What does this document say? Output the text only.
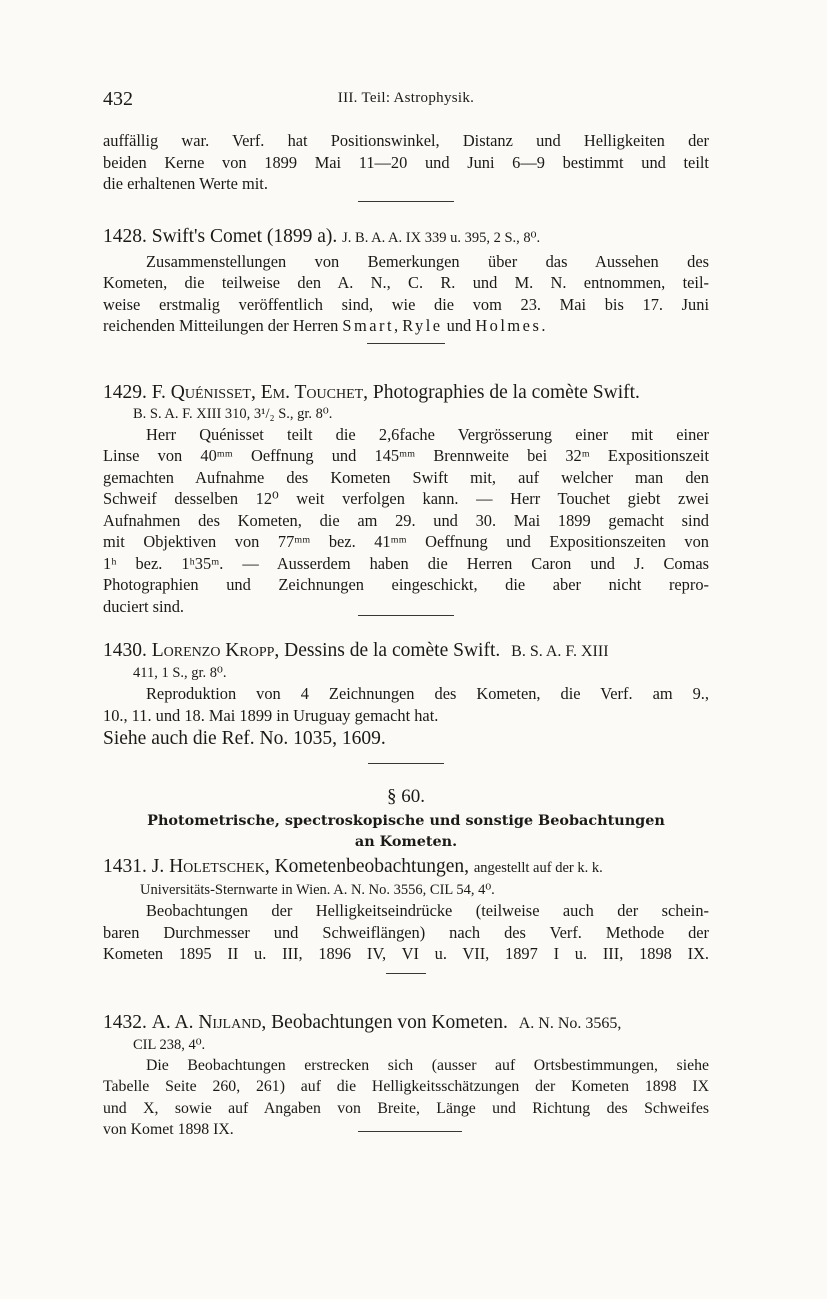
432	III. Teil: Astrophysik.
auffällig war. Verf. hat Positionswinkel, Distanz und Helligkeiten der
beiden Kerne von 1899 Mai 11—20 und Juni 6—9 bestimmt und teilt
die erhaltenen Werte mit.
1428. Swift's Comet (1899 a). J. B. A. A. IX 339 u. 395, 2 S., 8⁰.
Zusammenstellungen von Bemerkungen über das Aussehen des
Kometen, die teilweise den A. N., C. R. und M. N. entnommen, teil-
weise erstmalig veröffentlich sind, wie die vom 23. Mai bis 17. Juni
reichenden Mitteilungen der Herren Smart, Ryle und Holmes.
1429. F. Quénisset, Em. Touchet, Photographies de la comète Swift.
B. S. A. F. XIII 310, 3¹/₂ S., gr. 8⁰.
Herr Quénisset teilt die 2,6fache Vergrösserung einer mit einer
Linse von 40ᵐᵐ Oeffnung und 145ᵐᵐ Brennweite bei 32ᵐ Expositionszeit
gemachten Aufnahme des Kometen Swift mit, auf welcher man den
Schweif desselben 12⁰ weit verfolgen kann. — Herr Touchet giebt zwei
Aufnahmen des Kometen, die am 29. und 30. Mai 1899 gemacht sind
mit Objektiven von 77ᵐᵐ bez. 41ᵐᵐ Oeffnung und Expositionszeiten von
1ʰ bez. 1ʰ35ᵐ. — Ausserdem haben die Herren Caron und J. Comas
Photographien und Zeichnungen eingeschickt, die aber nicht repro-
duciert sind.
1430. Lorenzo Kropp, Dessins de la comète Swift. B. S. A. F. XIII
411, 1 S., gr. 8⁰.
Reproduktion von 4 Zeichnungen des Kometen, die Verf. am 9.,
10., 11. und 18. Mai 1899 in Uruguay gemacht hat.
Siehe auch die Ref. No. 1035, 1609.
§ 60.
Photometrische, spectroskopische und sonstige Beobachtungen
an Kometen.
1431. J. Holetschek, Kometenbeobachtungen, angestellt auf der k. k.
Universitäts-Sternwarte in Wien. A. N. No. 3556, CIL 54, 4⁰.
Beobachtungen der Helligkeitseindrücke (teilweise auch der schein-
baren Durchmesser und Schweiflängen) nach des Verf. Methode der
Kometen 1895 II u. III, 1896 IV, VI u. VII, 1897 I u. III, 1898 IX.
1432. A. A. Nijland, Beobachtungen von Kometen. A. N. No. 3565,
CIL 238, 4⁰.
Die Beobachtungen erstrecken sich (ausser auf Ortsbestimmungen, siehe
Tabelle Seite 260, 261) auf die Helligkeitsschätzungen der Kometen 1898 IX
und X, sowie auf Angaben von Breite, Länge und Richtung des Schweifes
von Komet 1898 IX.
